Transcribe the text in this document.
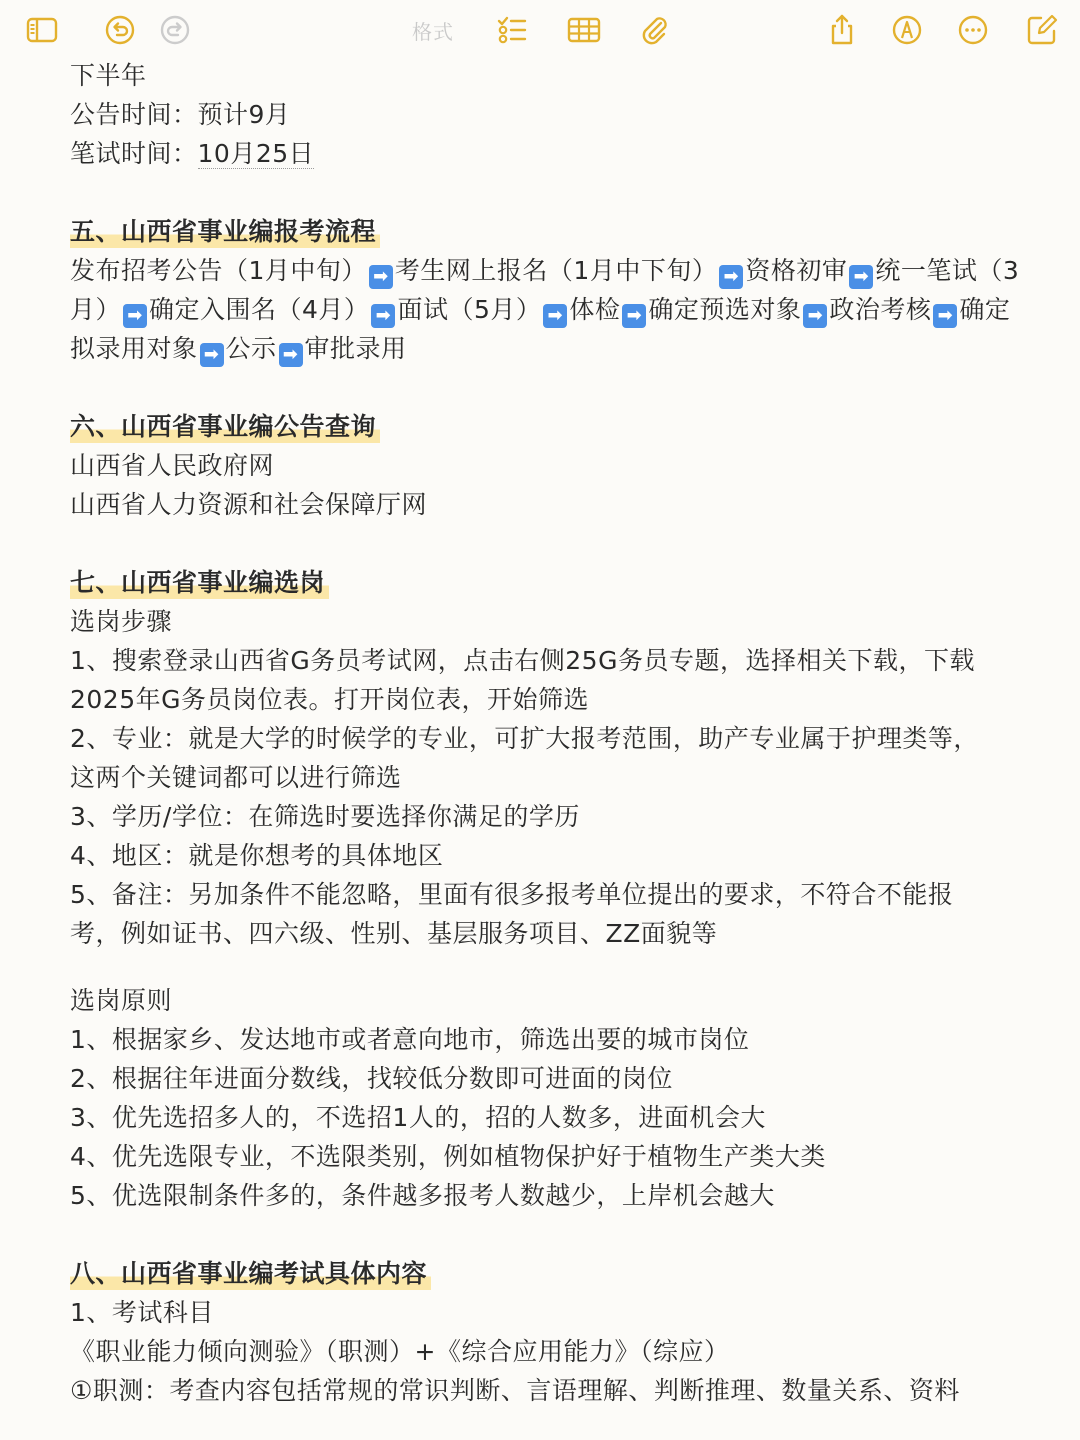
格式
下半年
公告时间：预计9月
笔试时间：10月25日
五、山西省事业编报考流程
发布招考公告（1月中旬） ➡ 考生网上报名（1月中下旬） ➡ 资格初审 ➡ 统一笔试（3
月） ➡ 确定入围名（4月） ➡ 面试（5月） ➡ 体检 ➡ 确定预选对象 ➡ 政治考核 ➡ 确定
拟录用对象 ➡ 公示 ➡ 审批录用
六、山西省事业编公告查询
山西省人民政府网
山西省人力资源和社会保障厅网
七、山西省事业编选岗
选岗步骤
1、搜索登录山西省G务员考试网，点击右侧25G务员专题，选择相关下载，下载
2025年G务员岗位表。打开岗位表，开始筛选
2、专业：就是大学的时候学的专业，可扩大报考范围，助产专业属于护理类等，
这两个关键词都可以进行筛选
3、学历/学位：在筛选时要选择你满足的学历
4、地区：就是你想考的具体地区
5、备注：另加条件不能忽略，里面有很多报考单位提出的要求，不符合不能报
考，例如证书、四六级、性别、基层服务项目、ZZ面貌等
选岗原则
1、根据家乡、发达地市或者意向地市，筛选出要的城市岗位
2、根据往年进面分数线，找较低分数即可进面的岗位
3、优先选招多人的，不选招1人的，招的人数多，进面机会大
4、优先选限专业，不选限类别，例如植物保护好于植物生产类大类
5、优选限制条件多的，条件越多报考人数越少，上岸机会越大
八、山西省事业编考试具体内容
1、考试科目
《职业能力倾向测验》（职测）+《综合应用能力》（综应）
①职测：考查内容包括常规的常识判断、言语理解、判断推理、数量关系、资料
